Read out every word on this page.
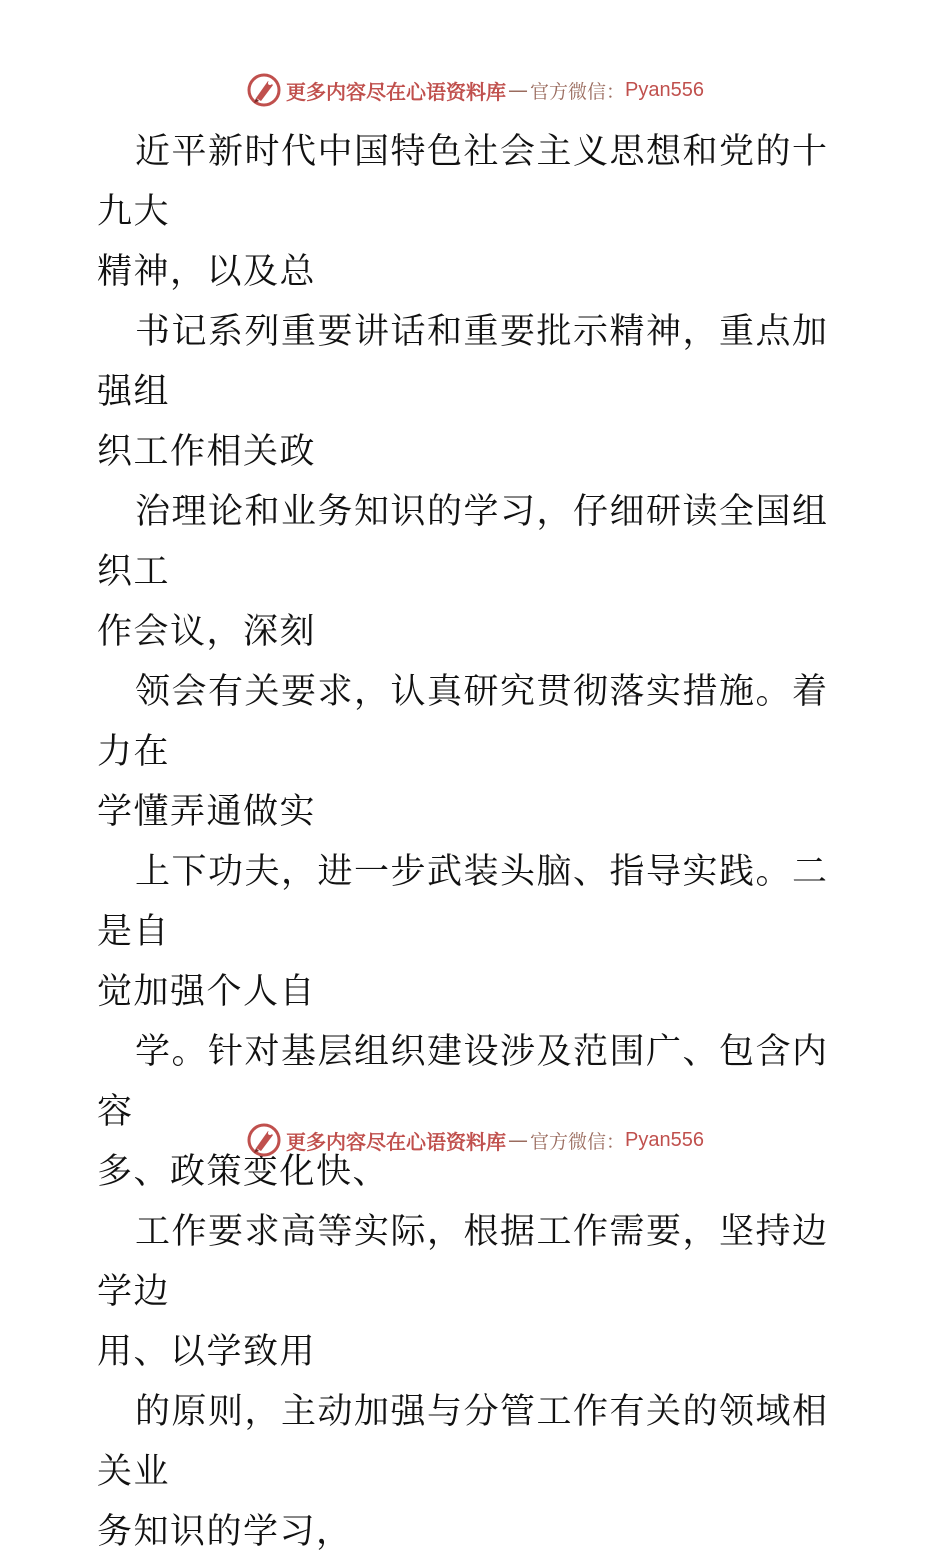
更多内容尽在心语资料库 — 官方微信： Pyan556

近平新时代中国特色社会主义思想和党的十九大
精神，以及总

书记系列重要讲话和重要批示精神，重点加强组
织工作相关政

治理论和业务知识的学习，仔细研读全国组织工
作会议，深刻

领会有关要求，认真研究贯彻落实措施。着力在
学懂弄通做实

上下功夫，进一步武装头脑、指导实践。二是自
觉加强个人自

学。针对基层组织建设涉及范围广、包含内容
多、政策变化快、

工作要求高等实际，根据工作需要，坚持边学边
用、以学致用

的原则，主动加强与分管工作有关的领域相关业
务知识的学习，

更多内容尽在心语资料库 — 官方微信： Pyan556
